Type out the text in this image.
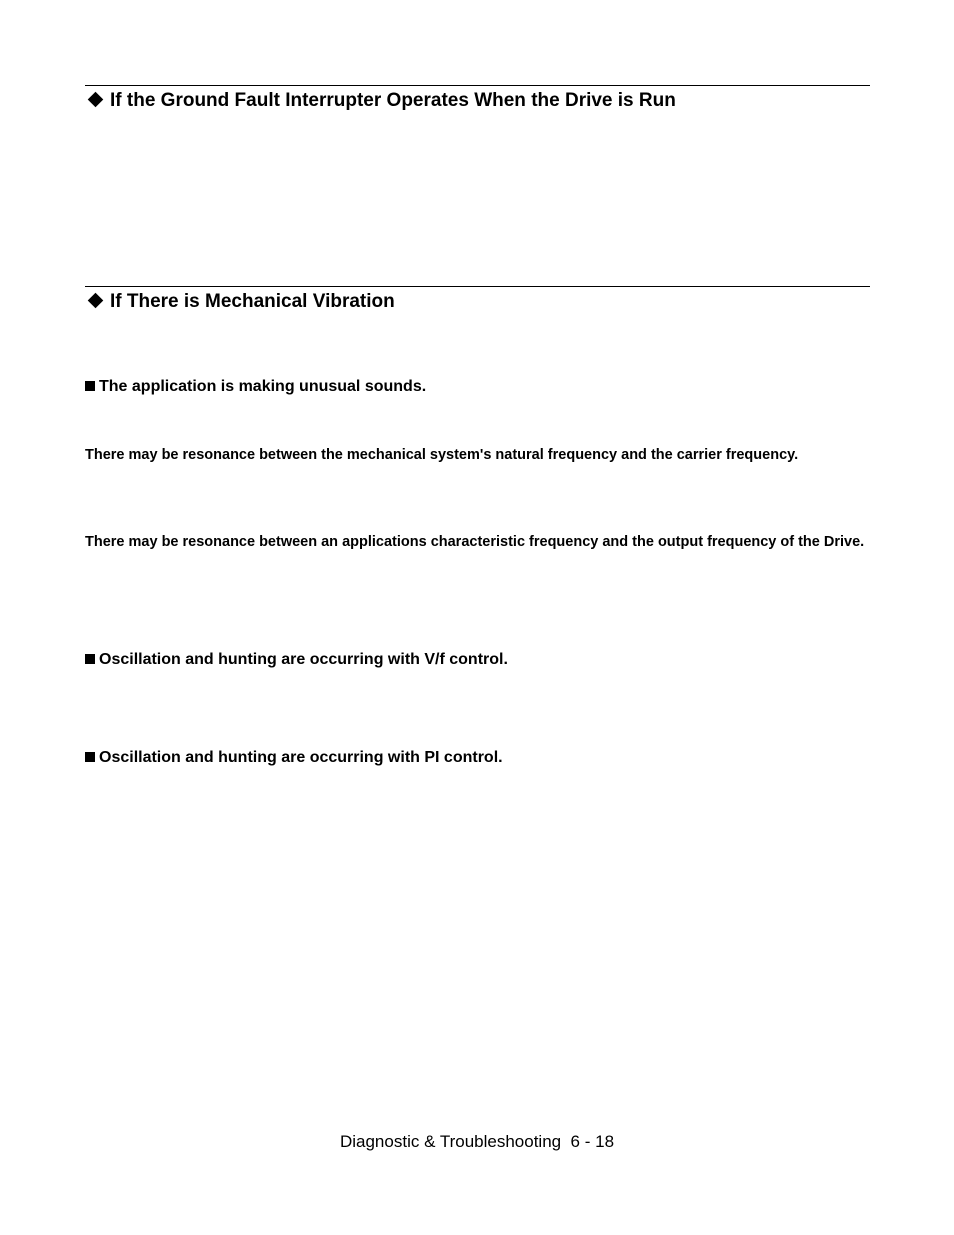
If the Ground Fault Interrupter Operates When the Drive is Run
If There is Mechanical Vibration
The application is making unusual sounds.
There may be resonance between the mechanical system's natural frequency and the carrier frequency.
There may be resonance between an applications characteristic frequency and the output frequency of the Drive.
Oscillation and hunting are occurring with V/f control.
Oscillation and hunting are occurring with PI control.
Diagnostic & Troubleshooting  6 - 18
